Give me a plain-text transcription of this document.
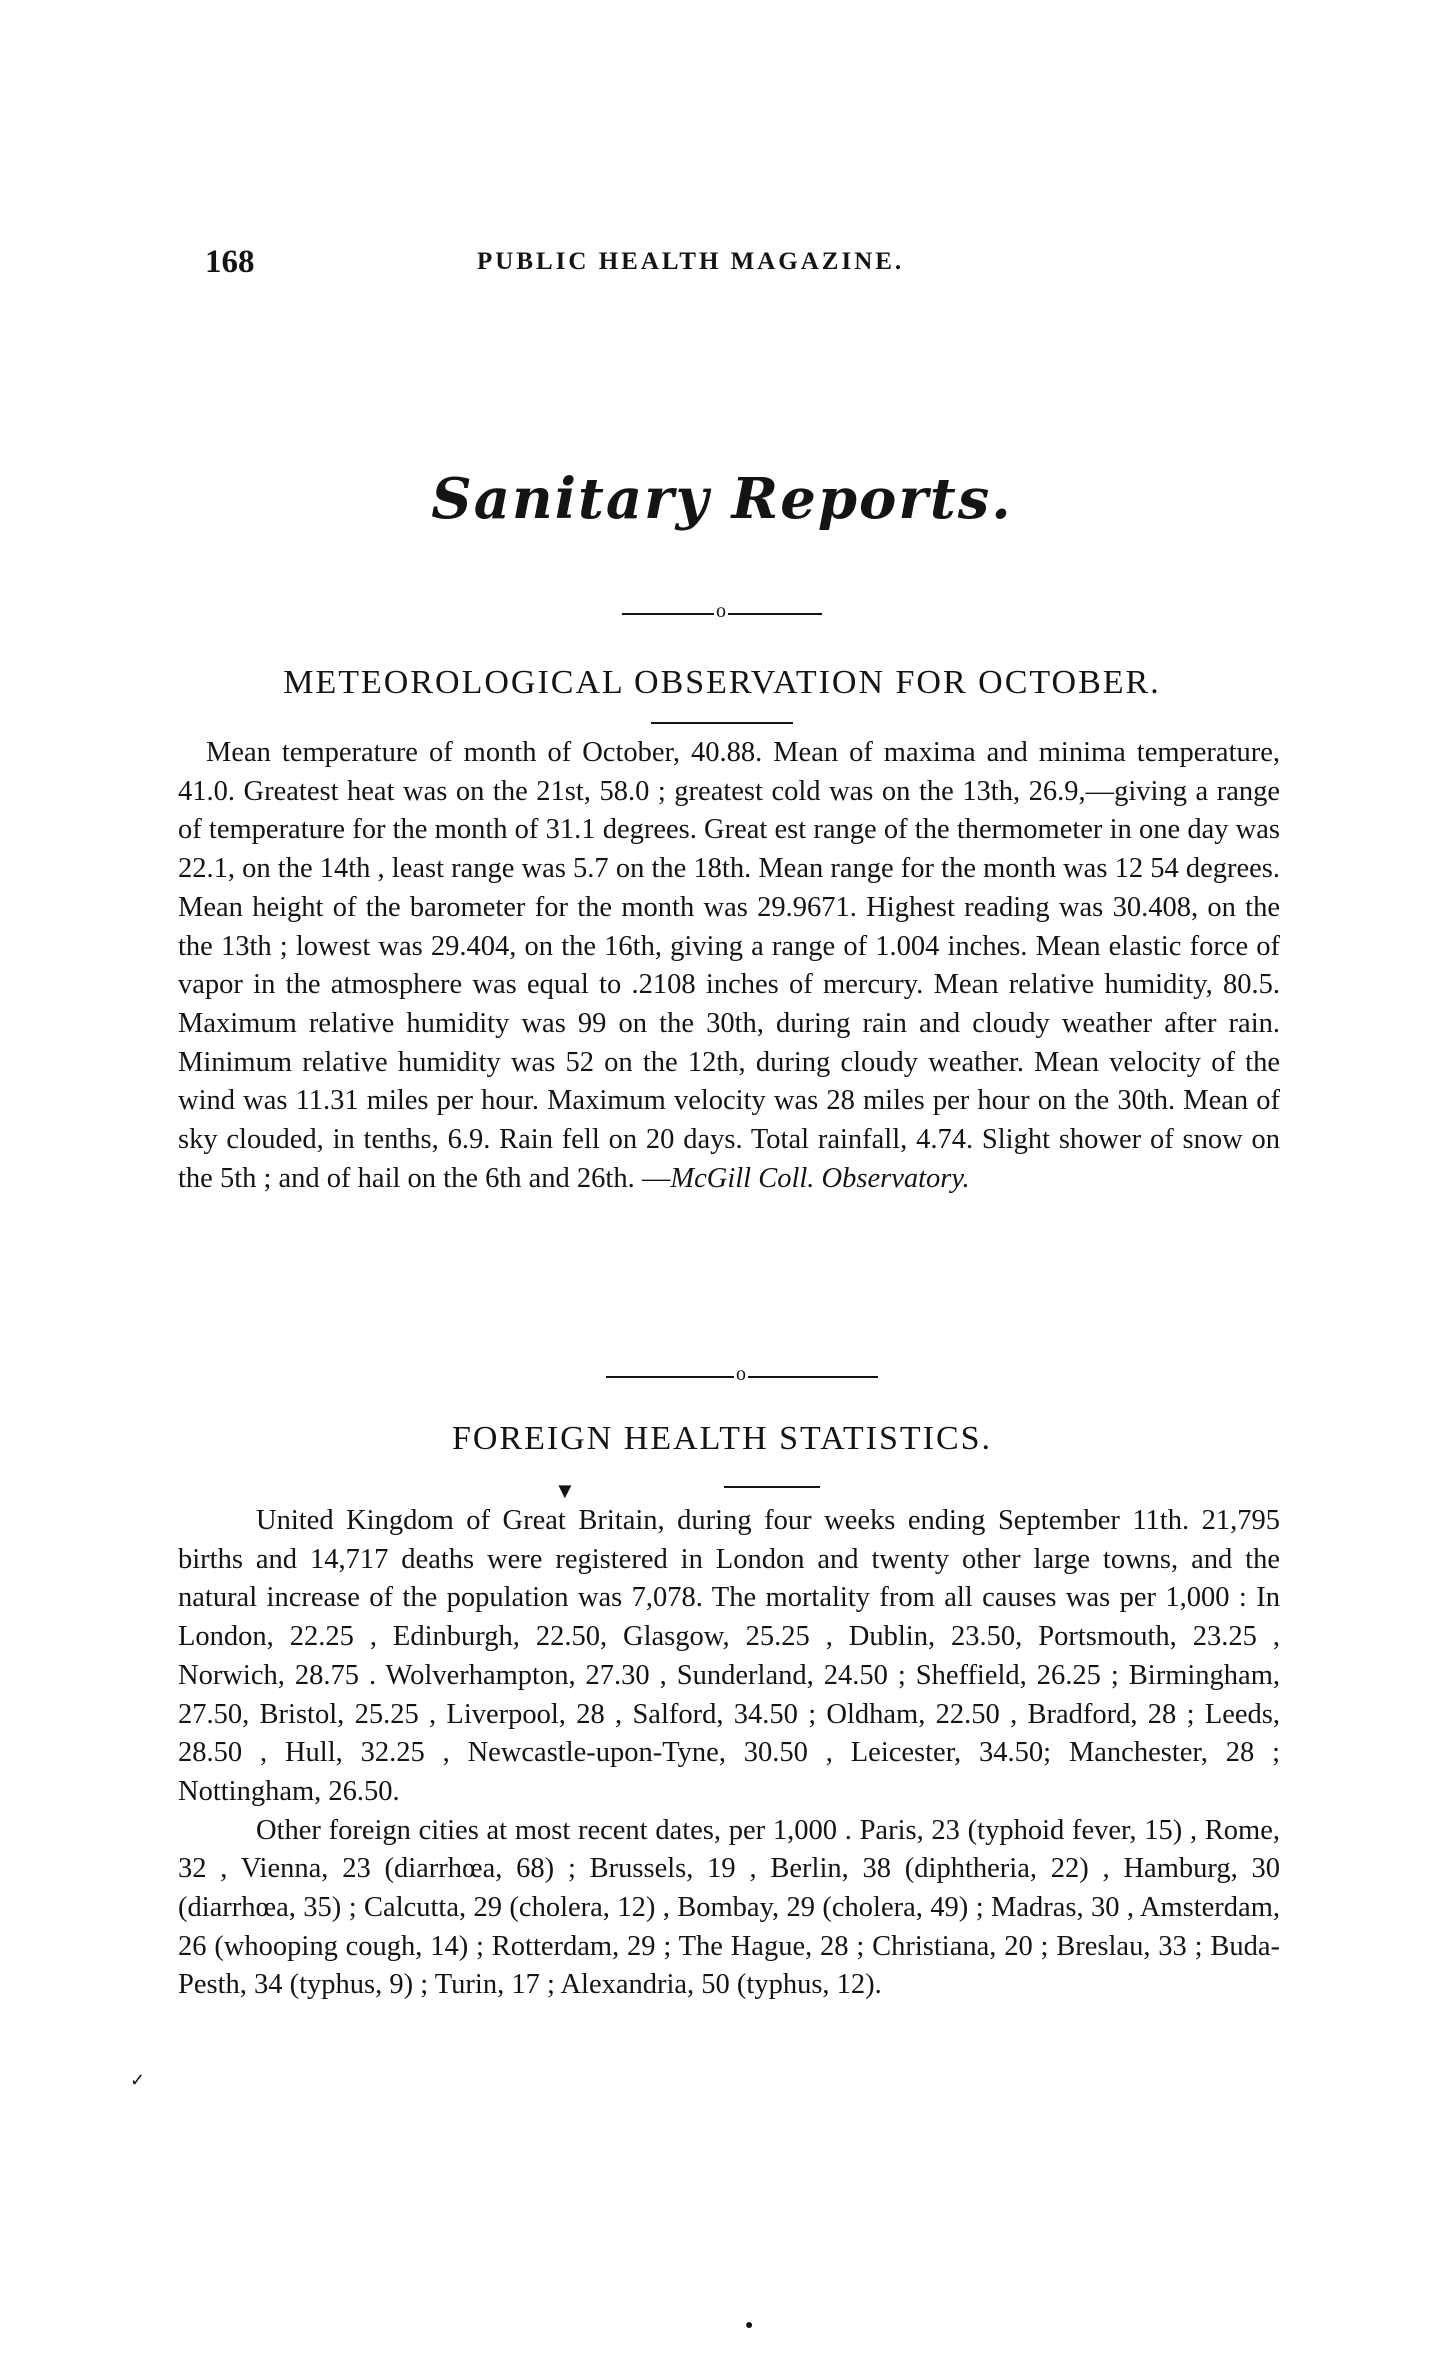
168	PUBLIC HEALTH MAGAZINE.
Sanitary Reports.
o
METEOROLOGICAL OBSERVATION FOR OCTOBER.

Mean temperature of month of October, 40.88. Mean of maxima and minima temperature, 41.0. Greatest heat was on the 21st, 58.0 ; greatest cold was on the 13th, 26.9,—giving a range of temperature for the month of 31.1 degrees. Great est range of the thermometer in one day was 22.1, on the 14th , least range was 5.7 on the 18th. Mean range for the month was 12 54 degrees. Mean height of the barometer for the month was 29.9671. Highest reading was 30.408, on the the 13th ; lowest was 29.404, on the 16th, giving a range of 1.004 inches. Mean elastic force of vapor in the atmosphere was equal to .2108 inches of mercury. Mean relative humidity, 80.5. Maximum relative humidity was 99 on the 30th, during rain and cloudy weather after rain. Minimum relative humidity was 52 on the 12th, during cloudy weather. Mean velocity of the wind was 11.31 miles per hour. Maximum velocity was 28 miles per hour on the 30th. Mean of sky clouded, in tenths, 6.9. Rain fell on 20 days. Total rainfall, 4.74. Slight shower of snow on the 5th ; and of hail on the 6th and 26th. —McGill Coll. Observatory.

o
FOREIGN HEALTH STATISTICS.
▼

United Kingdom of Great Britain, during four weeks ending September 11th. 21,795 births and 14,717 deaths were registered in London and twenty other large towns, and the natural increase of the population was 7,078. The mortality from all causes was per 1,000 : In London, 22.25 , Edinburgh, 22.50, Glasgow, 25.25 , Dublin, 23.50, Portsmouth, 23.25 , Norwich, 28.75 . Wolverhampton, 27.30 , Sunderland, 24.50 ; Sheffield, 26.25 ; Birmingham, 27.50, Bristol, 25.25 , Liverpool, 28 , Salford, 34.50 ; Oldham, 22.50 , Bradford, 28 ; Leeds, 28.50 , Hull, 32.25 , Newcastle-upon-Tyne, 30.50 , Leicester, 34.50; Manchester, 28 ; Nottingham, 26.50.

Other foreign cities at most recent dates, per 1,000 . Paris, 23 (typhoid fever, 15) , Rome, 32 , Vienna, 23 (diarrhœa, 68) ; Brussels, 19 , Berlin, 38 (diphtheria, 22) , Hamburg, 30 (diarrhœa, 35) ; Calcutta, 29 (cholera, 12) , Bombay, 29 (cholera, 49) ; Madras, 30 , Amsterdam, 26 (whooping cough, 14) ; Rotterdam, 29 ; The Hague, 28 ; Christiana, 20 ; Breslau, 33 ; Buda-Pesth, 34 (typhus, 9) ; Turin, 17 ; Alexandria, 50 (typhus, 12).

✓
●
